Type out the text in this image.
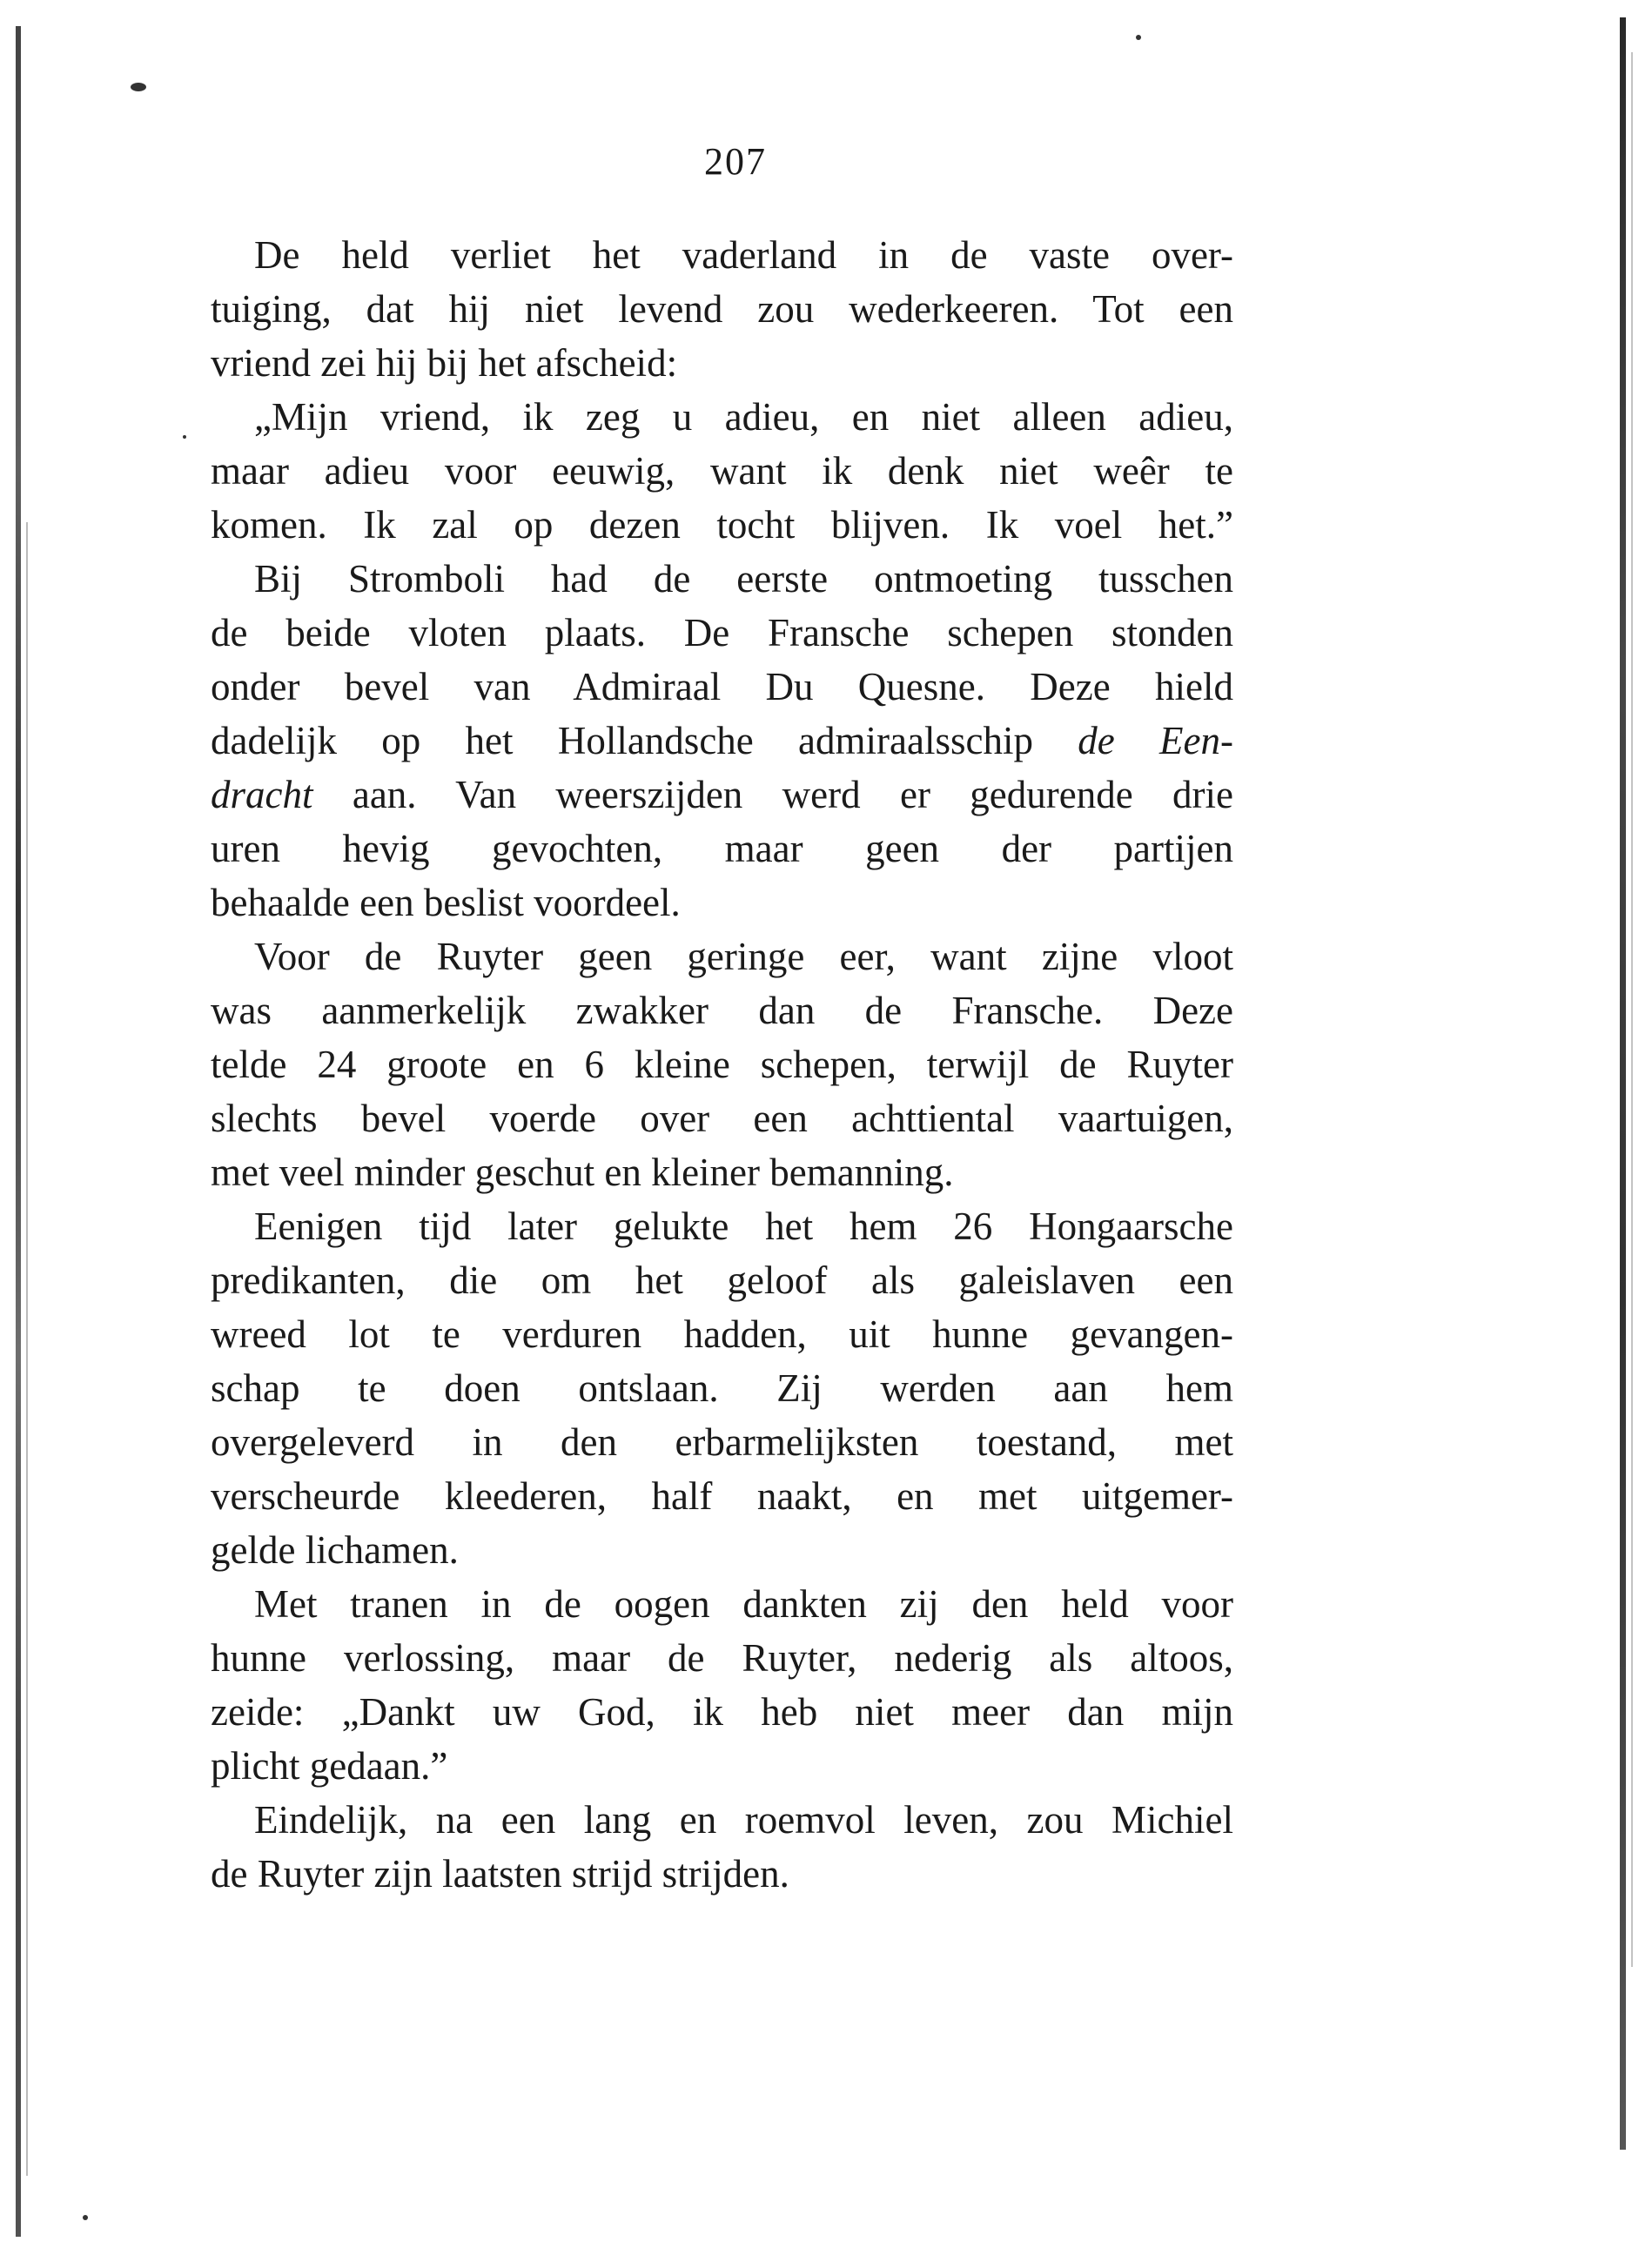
207
De held verliet het vaderland in de vaste over-
tuiging, dat hij niet levend zou wederkeeren. Tot een
vriend zei hij bij het afscheid:
„Mijn vriend, ik zeg u adieu, en niet alleen adieu,
maar adieu voor eeuwig, want ik denk niet weêr te
komen. Ik zal op dezen tocht blijven. Ik voel het.”
Bij Stromboli had de eerste ontmoeting tusschen
de beide vloten plaats. De Fransche schepen stonden
onder bevel van Admiraal Du Quesne. Deze hield
dadelijk op het Hollandsche admiraalsschip de Een-
dracht aan. Van weerszijden werd er gedurende drie
uren hevig gevochten, maar geen der partijen
behaalde een beslist voordeel.
Voor de Ruyter geen geringe eer, want zijne vloot
was aanmerkelijk zwakker dan de Fransche. Deze
telde 24 groote en 6 kleine schepen, terwijl de Ruyter
slechts bevel voerde over een achttiental vaartuigen,
met veel minder geschut en kleiner bemanning.
Eenigen tijd later gelukte het hem 26 Hongaarsche
predikanten, die om het geloof als galeislaven een
wreed lot te verduren hadden, uit hunne gevangen-
schap te doen ontslaan. Zij werden aan hem
overgeleverd in den erbarmelijksten toestand, met
verscheurde kleederen, half naakt, en met uitgemer-
gelde lichamen.
Met tranen in de oogen dankten zij den held voor
hunne verlossing, maar de Ruyter, nederig als altoos,
zeide: „Dankt uw God, ik heb niet meer dan mijn
plicht gedaan.”
Eindelijk, na een lang en roemvol leven, zou Michiel
de Ruyter zijn laatsten strijd strijden.
